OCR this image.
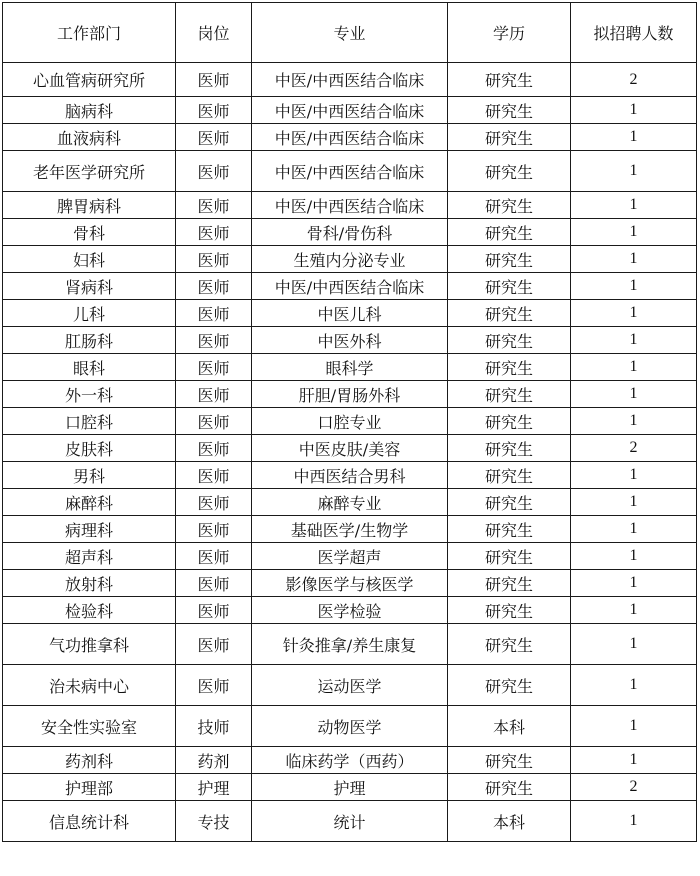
工作部门	岗位	专业	学历	拟招聘人数
心血管病研究所	医师	中医/中西医结合临床	研究生	2
脑病科	医师	中医/中西医结合临床	研究生	1
血液病科	医师	中医/中西医结合临床	研究生	1
老年医学研究所	医师	中医/中西医结合临床	研究生	1
脾胃病科	医师	中医/中西医结合临床	研究生	1
骨科	医师	骨科/骨伤科	研究生	1
妇科	医师	生殖内分泌专业	研究生	1
肾病科	医师	中医/中西医结合临床	研究生	1
儿科	医师	中医儿科	研究生	1
肛肠科	医师	中医外科	研究生	1
眼科	医师	眼科学	研究生	1
外一科	医师	肝胆/胃肠外科	研究生	1
口腔科	医师	口腔专业	研究生	1
皮肤科	医师	中医皮肤/美容	研究生	2
男科	医师	中西医结合男科	研究生	1
麻醉科	医师	麻醉专业	研究生	1
病理科	医师	基础医学/生物学	研究生	1
超声科	医师	医学超声	研究生	1
放射科	医师	影像医学与核医学	研究生	1
检验科	医师	医学检验	研究生	1
气功推拿科	医师	针灸推拿/养生康复	研究生	1
治未病中心	医师	运动医学	研究生	1
安全性实验室	技师	动物医学	本科	1
药剂科	药剂	临床药学（西药）	研究生	1
护理部	护理	护理	研究生	2
信息统计科	专技	统计	本科	1
